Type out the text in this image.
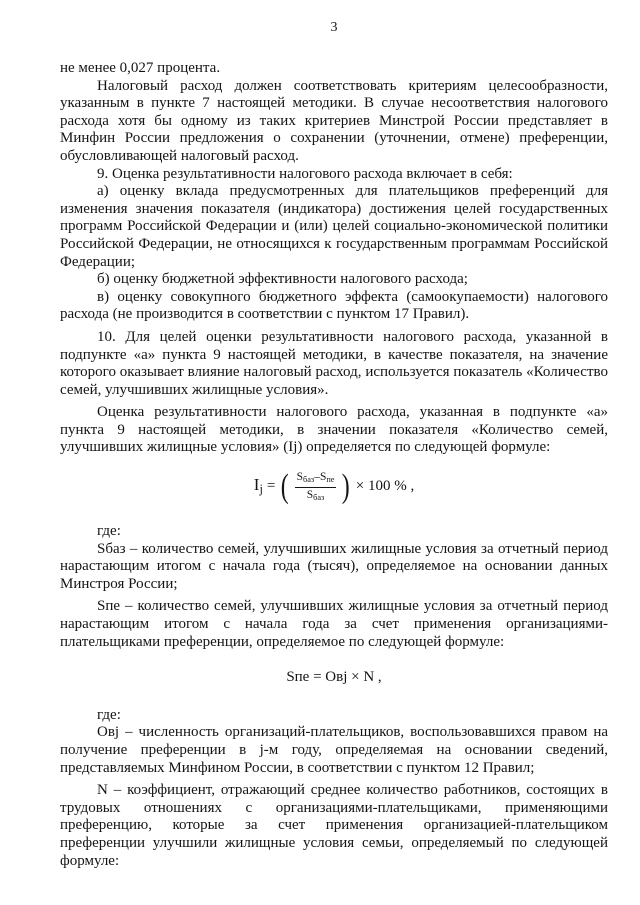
3

не менее 0,027 процента.

Налоговый расход должен соответствовать критериям целесообразности, указанным в пункте 7 настоящей методики. В случае несоответствия налогового расхода хотя бы одному из таких критериев Минстрой России представляет в Минфин России предложения о сохранении (уточнении, отмене) преференции, обусловливающей налоговый расход.

9. Оценка результативности налогового расхода включает в себя:

а) оценку вклада предусмотренных для плательщиков преференций для изменения значения показателя (индикатора) достижения целей государственных программ Российской Федерации и (или) целей социально-экономической политики Российской Федерации, не относящихся к государственным программам Российской Федерации;

б) оценку бюджетной эффективности налогового расхода;

в) оценку совокупного бюджетного эффекта (самоокупаемости) налогового расхода (не производится в соответствии с пунктом 17 Правил).

10. Для целей оценки результативности налогового расхода, указанной в подпункте «а» пункта 9 настоящей методики, в качестве показателя, на значение которого оказывает влияние налоговый расход, используется показатель «Количество семей, улучшивших жилищные условия».

Оценка результативности налогового расхода, указанная в подпункте «а» пункта 9 настоящей методики, в значении показателя «Количество семей, улучшивших жилищные условия» (Ij) определяется по следующей формуле:

$I_j$ = ( $\frac{S_{баз}-S_{пе}}{S_{баз}}$ ) × 100 % ,

где:

Sбаз – количество семей, улучшивших жилищные условия за отчетный период нарастающим итогом с начала года (тысяч), определяемое на основании данных Минстроя России;

Sпе – количество семей, улучшивших жилищные условия за отчетный период нарастающим итогом с начала года за счет применения организациями-плательщиками преференции, определяемое по следующей формуле:

Sпе = Oвj × N ,

где:

Oвj – численность организаций-плательщиков, воспользовавшихся правом на получение преференции в j-м году, определяемая на основании сведений, представляемых Минфином России, в соответствии с пунктом 12 Правил;

N – коэффициент, отражающий среднее количество работников, состоящих в трудовых отношениях с организациями-плательщиками, применяющими преференцию, которые за счет применения организацией-плательщиком преференции улучшили жилищные условия семьи, определяемый по следующей формуле:
